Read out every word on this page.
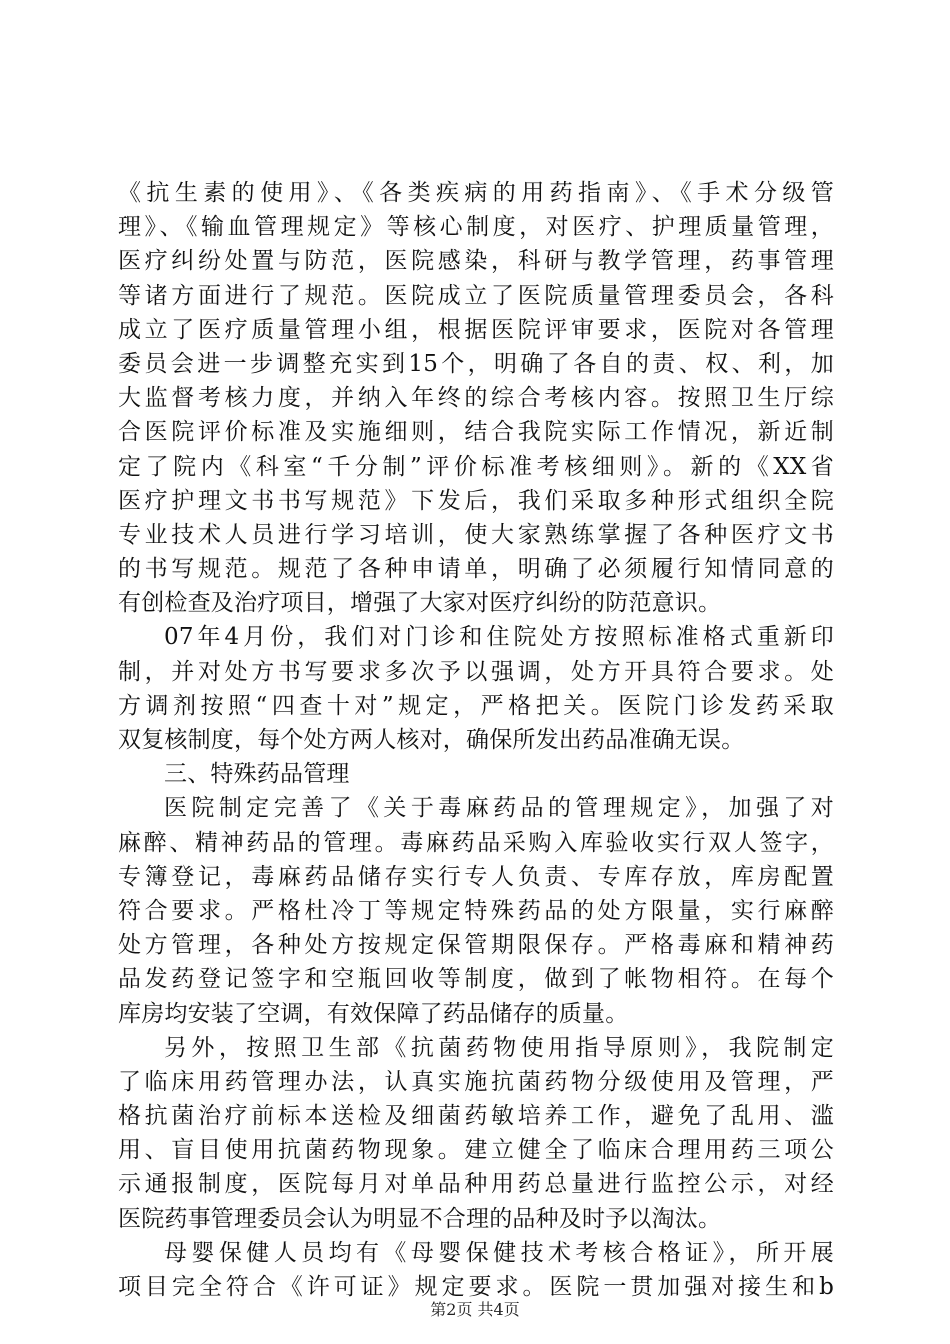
《抗生素的使用》、《各类疾病的用药指南》、《手术分级管
理》、《输血管理规定》等核心制度，对医疗、护理质量管理，
医疗纠纷处置与防范，医院感染，科研与教学管理，药事管理
等诸方面进行了规范。医院成立了医院质量管理委员会，各科
成立了医疗质量管理小组，根据医院评审要求，医院对各管理
委员会进一步调整充实到15个，明确了各自的责、权、利，加
大监督考核力度，并纳入年终的综合考核内容。按照卫生厅综
合医院评价标准及实施细则，结合我院实际工作情况，新近制
定了院内《科室“千分制”评价标准考核细则》。新的《XX省
医疗护理文书书写规范》下发后，我们采取多种形式组织全院
专业技术人员进行学习培训，使大家熟练掌握了各种医疗文书
的书写规范。规范了各种申请单，明确了必须履行知情同意的
有创检查及治疗项目，增强了大家对医疗纠纷的防范意识。
07年4月份，我们对门诊和住院处方按照标准格式重新印
制，并对处方书写要求多次予以强调，处方开具符合要求。处
方调剂按照“四查十对”规定，严格把关。医院门诊发药采取
双复核制度，每个处方两人核对，确保所发出药品准确无误。
三、特殊药品管理
医院制定完善了《关于毒麻药品的管理规定》，加强了对
麻醉、精神药品的管理。毒麻药品采购入库验收实行双人签字，
专簿登记，毒麻药品储存实行专人负责、专库存放，库房配置
符合要求。严格杜冷丁等规定特殊药品的处方限量，实行麻醉
处方管理，各种处方按规定保管期限保存。严格毒麻和精神药
品发药登记签字和空瓶回收等制度，做到了帐物相符。在每个
库房均安装了空调，有效保障了药品储存的质量。
另外，按照卫生部《抗菌药物使用指导原则》，我院制定
了临床用药管理办法，认真实施抗菌药物分级使用及管理，严
格抗菌治疗前标本送检及细菌药敏培养工作，避免了乱用、滥
用、盲目使用抗菌药物现象。建立健全了临床合理用药三项公
示通报制度，医院每月对单品种用药总量进行监控公示，对经
医院药事管理委员会认为明显不合理的品种及时予以淘汰。
母婴保健人员均有《母婴保健技术考核合格证》，所开展
项目完全符合《许可证》规定要求。医院一贯加强对接生和b
第2页 共4页
